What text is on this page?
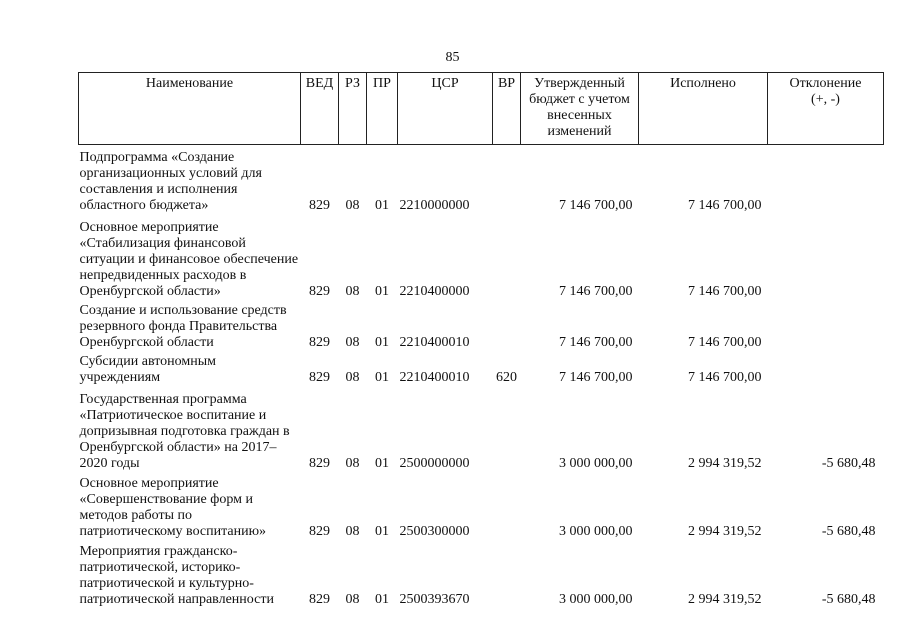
85
Наименование	ВЕД	РЗ	ПР	ЦСР	ВР	Утвержденный бюджет с учетом внесенных изменений	Исполнено	Отклонение (+, -)
Подпрограмма «Создание организационных условий для составления и исполнения областного бюджета»	829	08	01	2210000000		7 146 700,00	7 146 700,00	
Основное мероприятие «Стабилизация финансовой ситуации и финансовое обеспечение непредвиденных расходов в Оренбургской области»	829	08	01	2210400000		7 146 700,00	7 146 700,00	
Создание и использование средств резервного фонда Правительства Оренбургской области	829	08	01	2210400010		7 146 700,00	7 146 700,00	
Субсидии автономным учреждениям	829	08	01	2210400010	620	7 146 700,00	7 146 700,00	
Государственная программа «Патриотическое воспитание и допризывная подготовка граждан в Оренбургской области» на 2017–2020 годы	829	08	01	2500000000		3 000 000,00	2 994 319,52	-5 680,48
Основное мероприятие «Совершенствование форм и методов работы по патриотическому воспитанию»	829	08	01	2500300000		3 000 000,00	2 994 319,52	-5 680,48
Мероприятия гражданско-патриотической, историко-патриотической и культурно-патриотической направленности	829	08	01	2500393670		3 000 000,00	2 994 319,52	-5 680,48
